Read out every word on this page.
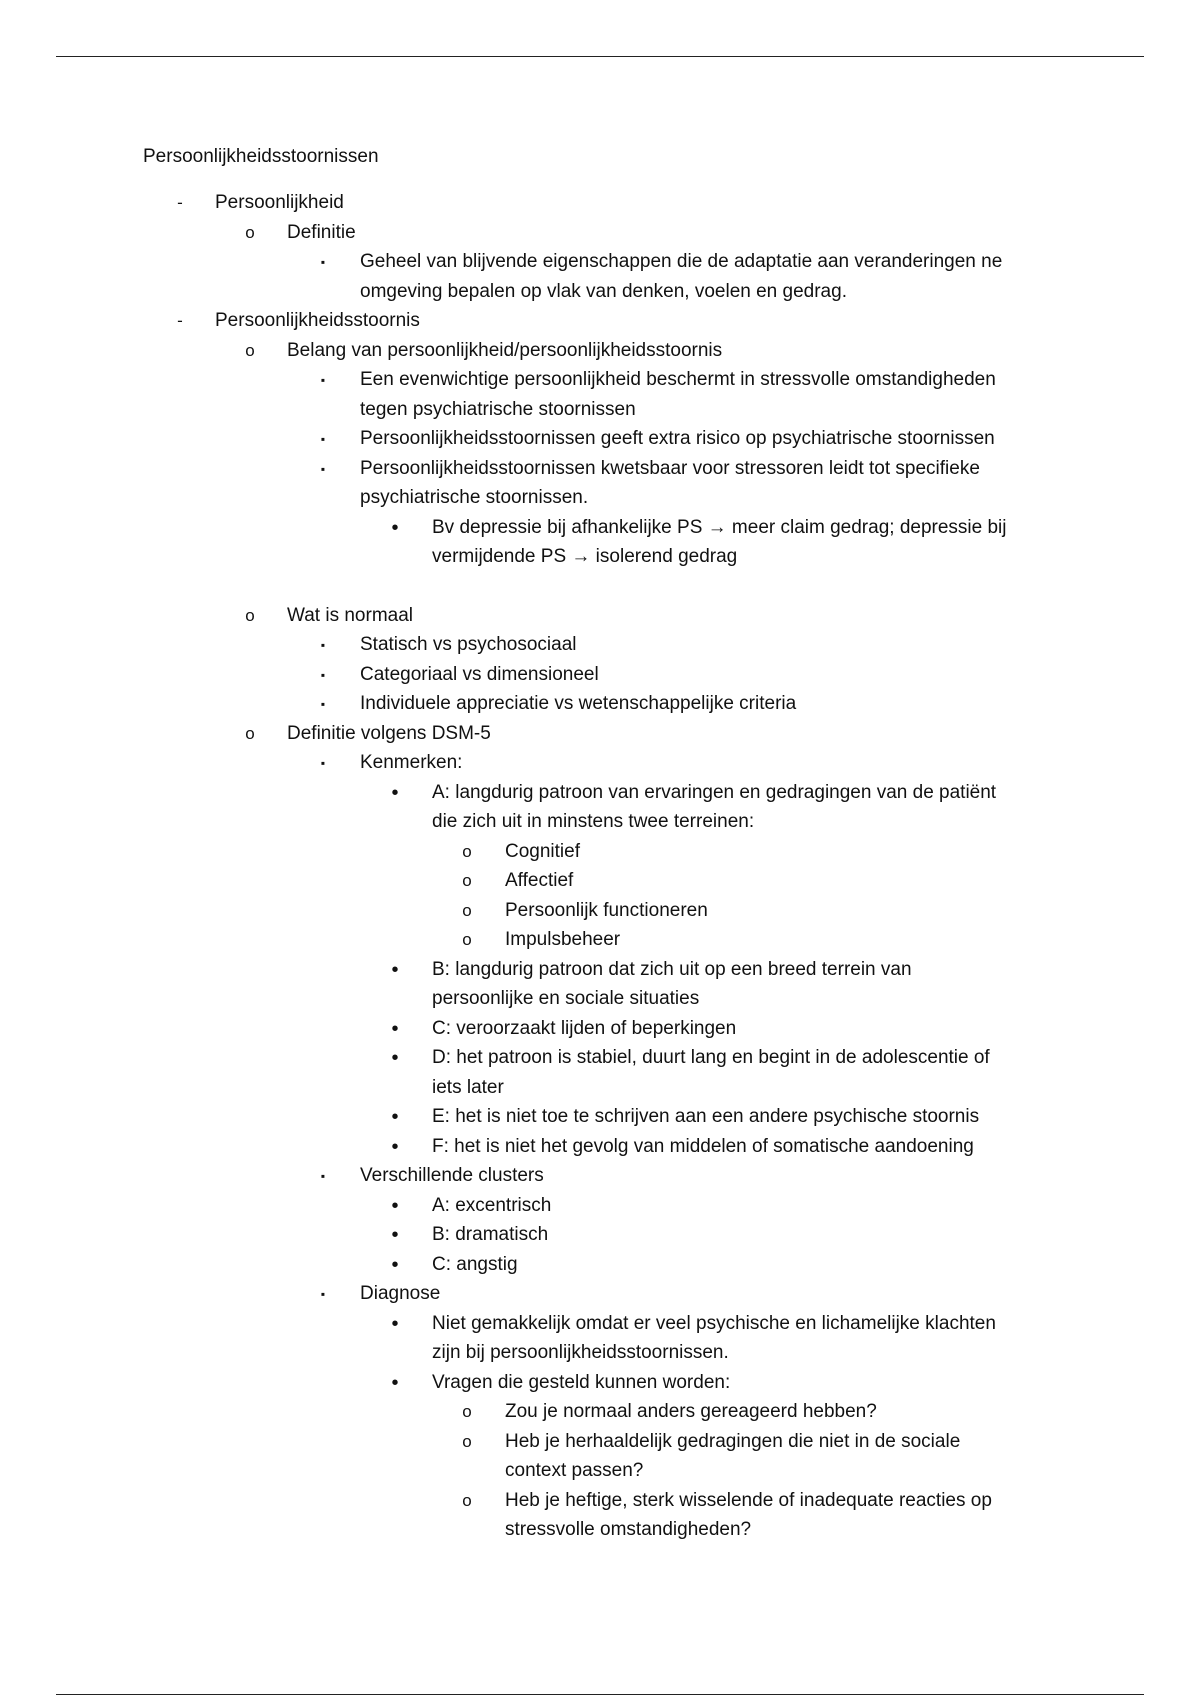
Persoonlijkheidsstoornissen

-	Persoonlijkheid
o Definitie
▪	Geheel van blijvende eigenschappen die de adaptatie aan veranderingen ne
omgeving bepalen op vlak van denken, voelen en gedrag.
-	Persoonlijkheidsstoornis
o Belang van persoonlijkheid/persoonlijkheidsstoornis
▪	Een evenwichtige persoonlijkheid beschermt in stressvolle omstandigheden
tegen psychiatrische stoornissen
▪	Persoonlijkheidsstoornissen geeft extra risico op psychiatrische stoornissen
▪	Persoonlijkheidsstoornissen kwetsbaar voor stressoren leidt tot specifieke
psychiatrische stoornissen.
•	Bv depressie bij afhankelijke PS → meer claim gedrag; depressie bij
vermijdende PS → isolerend gedrag
o Wat is normaal
▪	Statisch vs psychosociaal
▪	Categoriaal vs dimensioneel
▪	Individuele appreciatie vs wetenschappelijke criteria
o Definitie volgens DSM-5
▪	Kenmerken:
•	A: langdurig patroon van ervaringen en gedragingen van de patiënt
die zich uit in minstens twee terreinen:
o Cognitief
o Affectief
o Persoonlijk functioneren
o Impulsbeheer
•	B: langdurig patroon dat zich uit op een breed terrein van
persoonlijke en sociale situaties
•	C: veroorzaakt lijden of beperkingen
•	D: het patroon is stabiel, duurt lang en begint in de adolescentie of
iets later
•	E: het is niet toe te schrijven aan een andere psychische stoornis
•	F: het is niet het gevolg van middelen of somatische aandoening
▪	Verschillende clusters
•	A: excentrisch
•	B: dramatisch
•	C: angstig
▪	Diagnose
•	Niet gemakkelijk omdat er veel psychische en lichamelijke klachten
zijn bij persoonlijkheidsstoornissen.
•	Vragen die gesteld kunnen worden:
o Zou je normaal anders gereageerd hebben?
o Heb je herhaaldelijk gedragingen die niet in de sociale
context passen?
o Heb je heftige, sterk wisselende of inadequate reacties op
stressvolle omstandigheden?
